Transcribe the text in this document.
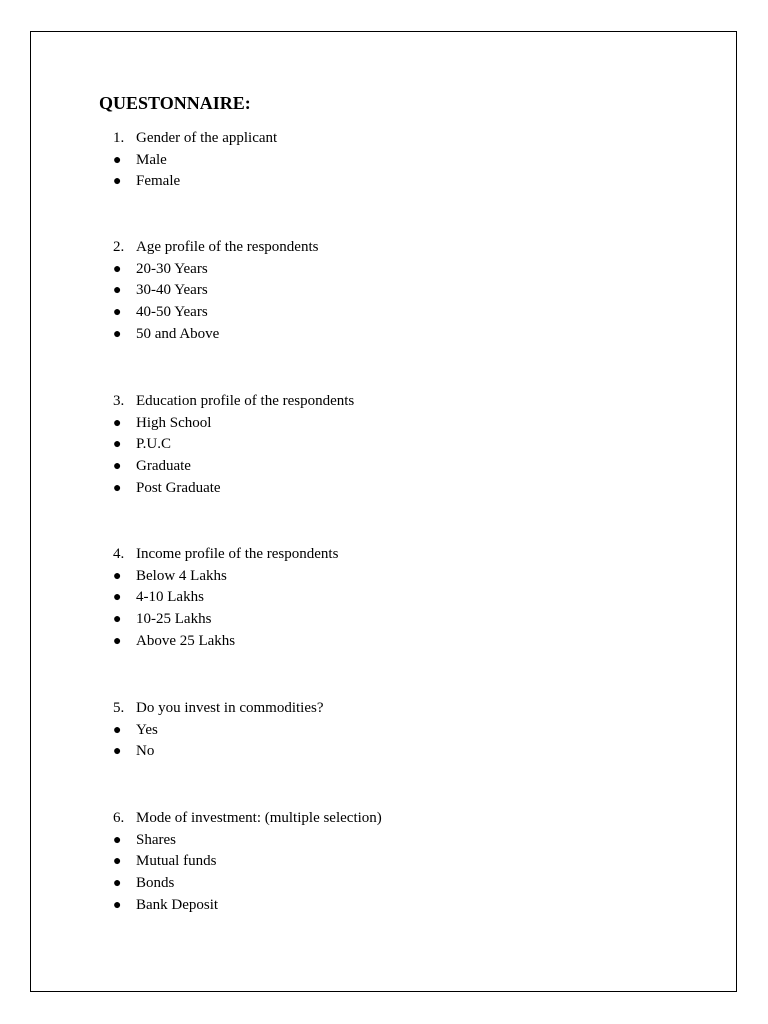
QUESTONNAIRE:
1. Gender of the applicant
● Male
● Female
2. Age profile of the respondents
● 20-30 Years
● 30-40 Years
● 40-50 Years
● 50 and Above
3. Education profile of the respondents
● High School
● P.U.C
● Graduate
● Post Graduate
4. Income profile of the respondents
● Below 4 Lakhs
● 4-10 Lakhs
● 10-25 Lakhs
● Above 25 Lakhs
5. Do you invest in commodities?
● Yes
● No
6. Mode of investment: (multiple selection)
● Shares
● Mutual funds
● Bonds
● Bank Deposit
